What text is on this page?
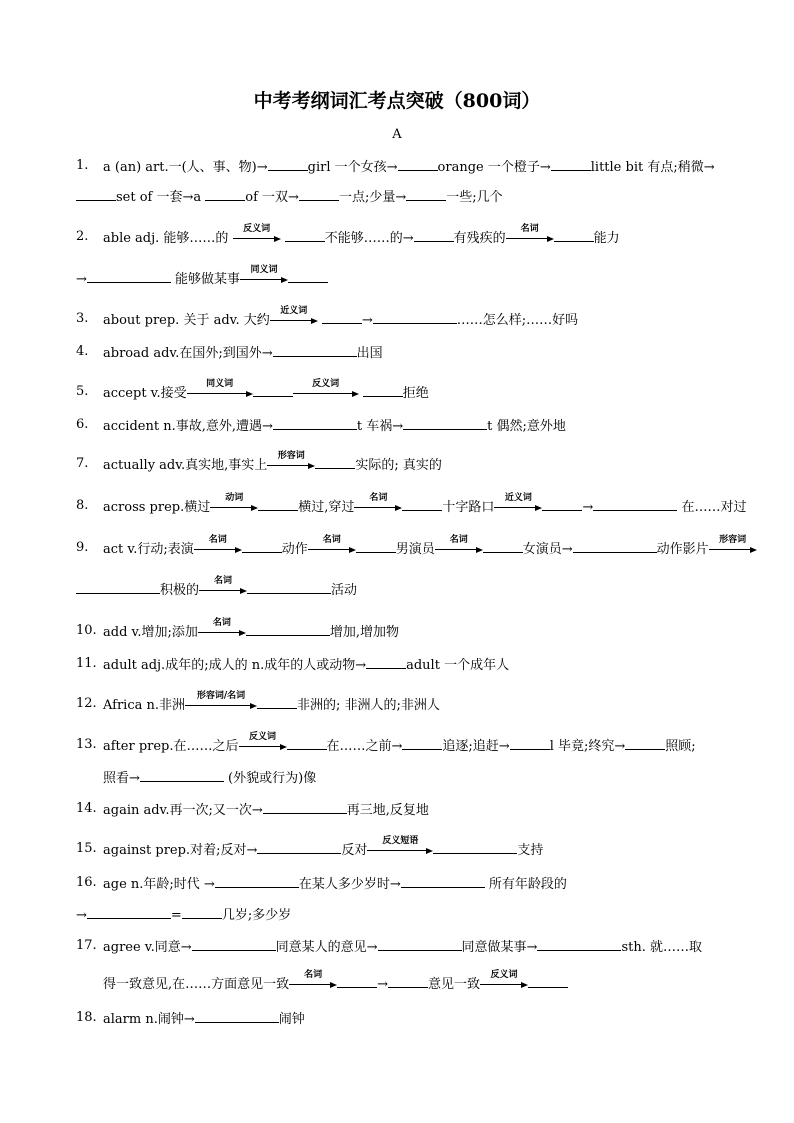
中考考纲词汇考点突破（800词）
A
1.	a (an) art.一(人、事、物)→	girl 一个女孩→	orange 一个橙子→	little bit 有点;稍微→
set of 一套→a	of 一双→	一点;少量→	一些;几个
2.	able adj. 能够……的
反义词
不能够……的→	有残疾的
名词
能力
→	能够做某事
同义词
3.	about prep. 关于 adv. 大约
近义词
→	……怎么样;……好吗
4.	abroad adv.在国外;到国外→	出国
5.	accept v.接受
同义词	反义词
拒绝
6.	accident n.事故,意外,遭遇→	t 车祸→	t 偶然;意外地
7.	actually adv.真实地,事实上
形容词
实际的; 真实的
8.	across prep.横过
动词
横过,穿过
名词
十字路口
近义词
→	在……对过
9.	act v.行动;表演
名词
动作
名词
男演员
名词
女演员→	动作影片
形容词
积极的
名词
活动
10. add v.增加;添加
名词
增加,增加物
11. adult adj.成年的;成人的 n.成年的人或动物→	adult 一个成年人
12. Africa n.非洲
形容词/名词
非洲的; 非洲人的;非洲人
13. after prep.在……之后
反义词
在……之前→	追逐;追赶→	l 毕竟;终究→	照顾;
照看→	(外貌或行为)像
14. again adv.再一次;又一次→	再三地,反复地
15. against prep.对着;反对→	反对
反义短语
支持
16. age n.年龄;时代 →	在某人多少岁时→	所有年龄段的
→	=	几岁;多少岁
17. agree v.同意→	同意某人的意见→	同意做某事→	sth. 就……取
得一致意见,在……方面意见一致
名词
→	意见一致
反义词
18. alarm n.闹钟→	闹钟
